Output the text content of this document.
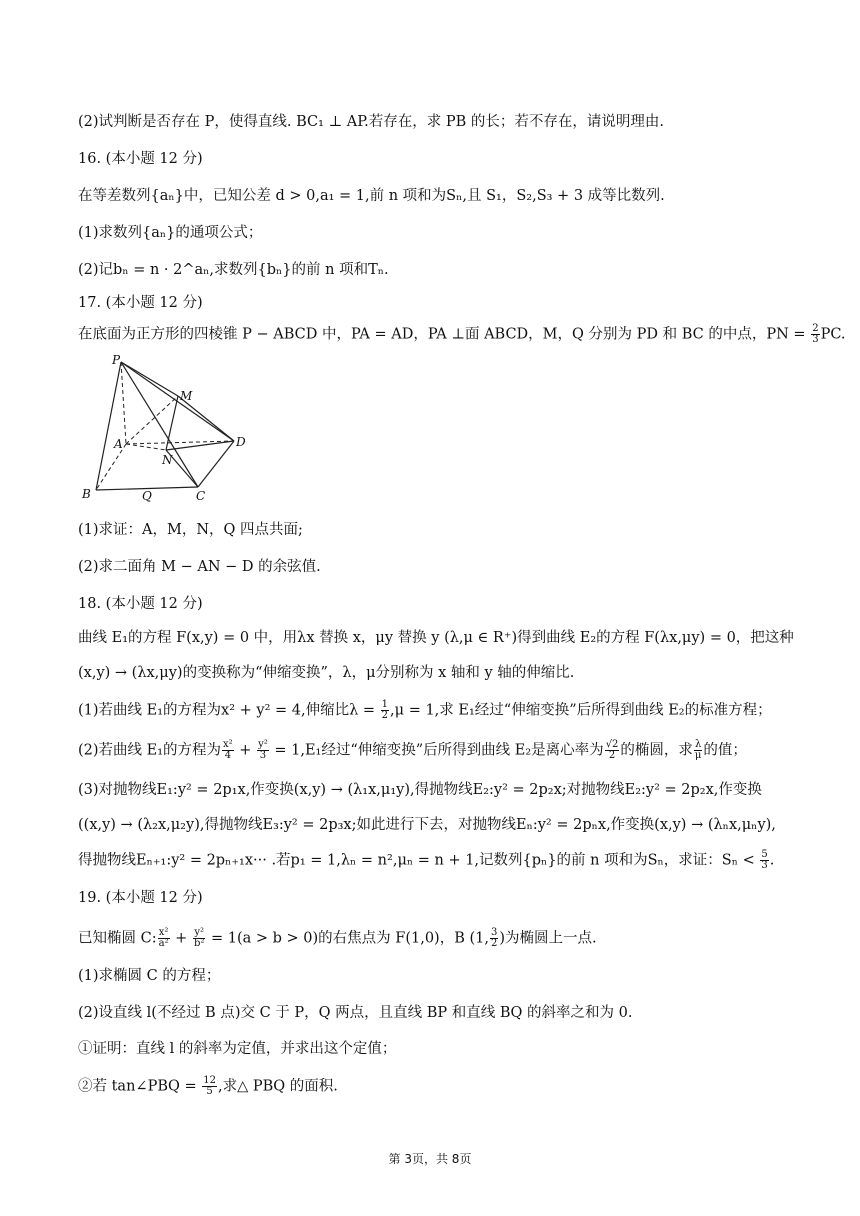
(2)试判断是否存在 P，使得直线. BC₁ ⊥ AP.若存在，求 PB 的长；若不存在，请说明理由.
16. (本小题 12 分)
在等差数列{aₙ}中，已知公差 d > 0,a₁ = 1,前 n 项和为Sₙ,且 S₁，S₂,S₃ + 3 成等比数列.
(1)求数列{aₙ}的通项公式；
(2)记bₙ = n · 2^aₙ,求数列{bₙ}的前 n 项和Tₙ.
17. (本小题 12 分)
在底面为正方形的四棱锥 P − ABCD 中，PA = AD，PA ⊥面 ABCD，M，Q 分别为 PD 和 BC 的中点，PN = $\frac{2}{3}$ PC.
P
M
A	D
N
B	Q	C
(1)求证：A，M，N，Q 四点共面;
(2)求二面角 M − AN − D 的余弦值.
18. (本小题 12 分)
曲线 E₁的方程 F(x,y) = 0 中，用λx 替换 x，μy 替换 y (λ,μ ∈ R⁺)得到曲线 E₂的方程 F(λx,μy) = 0，把这种
(x,y) → (λx,μy)的变换称为“伸缩变换”，λ，μ分别称为 x 轴和 y 轴的伸缩比.
(1)若曲线 E₁的方程为x² + y² = 4,伸缩比$\lambda = \frac{1}{2} ,\mu = 1$,求 E₁经过“伸缩变换”后所得到曲线 E₂的标准方程；
(2)若曲线 E₁的方程为 $\frac{\text{x²}}{4} + \frac{\text{y²}}{3} = 1,E_1$经过“伸缩变换”后所得到曲线 E₂是离心率为 $\frac{√2}{2}$ 的椭圆，求 $\frac{\lambda}{\mu}$ 的值；
(3)对抛物线E₁:y² = 2p₁x,作变换(x,y) → (λ₁x,μ₁y),得抛物线E₂:y² = 2p₂x;对抛物线E₂:y² = 2p₂x,作变换
((x,y) → (λ₂x,μ₂y),得抛物线E₃:y² = 2p₃x;如此进行下去，对抛物线Eₙ:y² = 2pₙx,作变换(x,y) → (λₙx,μₙy),
得抛物线Eₙ₊₁:y² = 2pₙ₊₁x··· .若p₁ = 1,λₙ = n²,μₙ = n + 1,记数列{pₙ}的前 n 项和为Sₙ，求证：$S_n < \frac{5}{3}$ .
19. (本小题 12 分)
已知椭圆 C: $\frac{\text{x²}}{\text{a²}} + \frac{\text{y²}}{\text{b²}} = 1(a > b > 0)$的右焦点为 F(1,0)，B (1, $\frac{3}{2}$ )为椭圆上一点.
(1)求椭圆 C 的方程；
(2)设直线 l(不经过 B 点)交 C 于 P，Q 两点，且直线 BP 和直线 BQ 的斜率之和为 0.
①证明：直线 l 的斜率为定值，并求出这个定值；
②若 tan∠PBQ = $\frac{12}{5}$ ,求△ PBQ 的面积.
第 3页，共 8页
